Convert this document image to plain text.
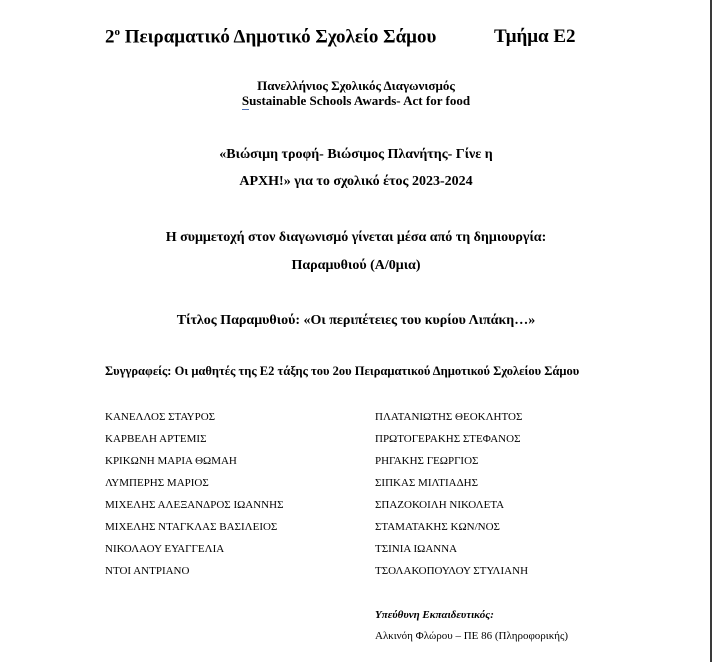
$2^o$ Πειραματικό Δημοτικό Σχολείο Σάμου	Τμήμα Ε2
Πανελλήνιος Σχολικός Διαγωνισμός
Sustainable Schools Awards- Act for food
«Βιώσιμη τροφή- Βιώσιμος Πλανήτης- Γίνε η
ΑΡΧΗ!» για το σχολικό έτος 2023-2024
Η συμμετοχή στον διαγωνισμό γίνεται μέσα από τη δημιουργία:
Παραμυθιού (Α/0μια)
Τίτλος Παραμυθιού: «Οι περιπέτειες του κυρίου Λιπάκη…»
Συγγραφείς: Οι μαθητές της Ε2 τάξης του 2ου Πειραματικού Δημοτικού Σχολείου Σάμου
ΚΑΝΕΛΛΟΣ ΣΤΑΥΡΟΣ
ΚΑΡΒΕΛΗ ΑΡΤΕΜΙΣ
ΚΡΙΚΩΝΗ ΜΑΡΙΑ ΘΩΜΑΗ
ΛΥΜΠΕΡΗΣ ΜΑΡΙΟΣ
ΜΙΧΕΛΗΣ ΑΛΕΞΑΝΔΡΟΣ ΙΩΑΝΝΗΣ
ΜΙΧΕΛΗΣ ΝΤΑΓΚΛΑΣ ΒΑΣΙΛΕΙΟΣ
ΝΙΚΟΛΑΟΥ ΕΥΑΓΓΕΛΙΑ
ΝΤΟΙ ΑΝΤΡΙΑΝΟ
ΠΛΑΤΑΝΙΩΤΗΣ ΘΕΟΚΛΗΤΟΣ
ΠΡΩΤΟΓΕΡΑΚΗΣ ΣΤΕΦΑΝΟΣ
ΡΗΓΑΚΗΣ ΓΕΩΡΓΙΟΣ
ΣΙΠΚΑΣ ΜΙΛΤΙΑΔΗΣ
ΣΠΑΖΟΚΟΙΛΗ ΝΙΚΟΛΕΤΑ
ΣΤΑΜΑΤΑΚΗΣ ΚΩΝ/ΝΟΣ
ΤΣΙΝΙΑ ΙΩΑΝΝΑ
ΤΣΟΛΑΚΟΠΟΥΛΟΥ ΣΤΥΛΙΑΝΗ
Υπεύθυνη Εκπαιδευτικός:
Αλκινόη Φλώρου – ΠΕ 86 (Πληροφορικής)
